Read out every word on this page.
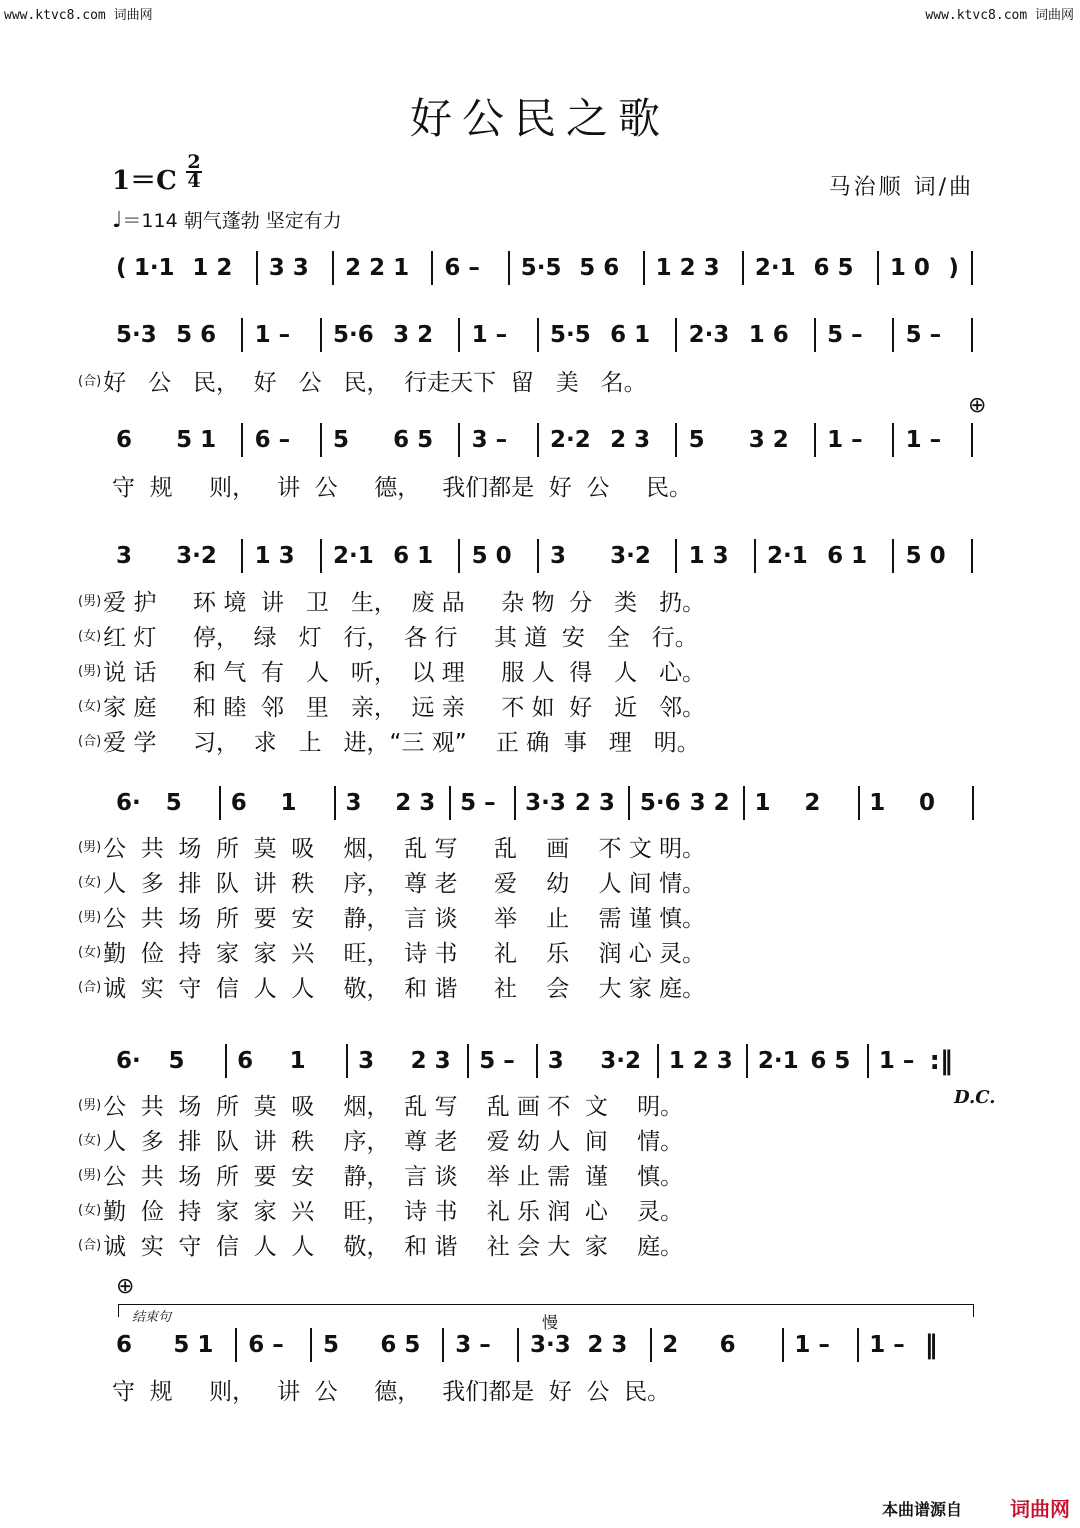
www.ktvc8.com 词曲网	www.ktvc8.com 词曲网
好公民之歌
1＝C
2
4	马治顺 词/曲
♩＝114 朝气蓬勃 坚定有力
( 1·1 1 2 3 3 2 2 1 6 – 5·5 5 6 1 2 3 2·1 6 5 1 0 )
5·3 5 6 1 – 5·6 3 2 1 – 5·5 6 1 2·3 1 6 5 – 5 –
6 5 1 6 – 5 6 5 3 – 2·2 2 3 5 3 2 1 – 1 –
3 3·2 1 3 2·1 6 1 5 0 3 3·2 1 3 2·1 6 1 5 0
6· 5 6 1 3 2 3 5 – 3·3 2 3 5·6 3 2 1 2 1 0
6· 5 6 1 3 2 3 5 – 3 3·2 1 2 3 2·1 6 5 1 – :‖
6 5 1 6 – 5 6 5 3 – 3·3 2 3 2 6	1 – 1 – ‖
⊕
⊕
D.C.
结束句	慢
$^{(合)}$好   公   民，  好   公   民，  行走天下  留   美   名。
守  规     则，   讲  公     德，   我们都是  好  公     民。
$^{(男)}$爱 护     环 境  讲   卫   生，  废 品     杂 物  分   类   扔。
$^{(女)}$红 灯     停，  绿   灯   行，  各 行     其 道  安   全   行。
$^{(男)}$说 话     和 气  有   人   听，  以 理     服 人  得   人   心。
$^{(女)}$家 庭     和 睦  邻   里   亲，  远 亲     不 如  好   近   邻。
$^{(合)}$爱 学     习，  求   上   进，“三 观”    正 确  事   理   明。
$^{(男)}$公  共  场  所  莫  吸    烟，  乱 写     乱    画    不 文 明。
$^{(女)}$人  多  排  队  讲  秩    序，  尊 老     爱    幼    人 间 情。
$^{(男)}$公  共  场  所  要  安    静，  言 谈     举    止    需 谨 慎。
$^{(女)}$勤  俭  持  家  家  兴    旺，  诗 书     礼    乐    润 心 灵。
$^{(合)}$诚  实  守  信  人  人    敬，  和 谐     社    会    大 家 庭。
$^{(男)}$公  共  场  所  莫  吸    烟，  乱 写    乱 画 不  文    明。
$^{(女)}$人  多  排  队  讲  秩    序，  尊 老    爱 幼 人  间    情。
$^{(男)}$公  共  场  所  要  安    静，  言 谈    举 止 需  谨    慎。
$^{(女)}$勤  俭  持  家  家  兴    旺，  诗 书    礼 乐 润  心    灵。
$^{(合)}$诚  实  守  信  人  人    敬，  和 谐    社 会 大  家    庭。
守  规     则，   讲  公     德，   我们都是  好  公  民。
本曲谱源自 词曲网
